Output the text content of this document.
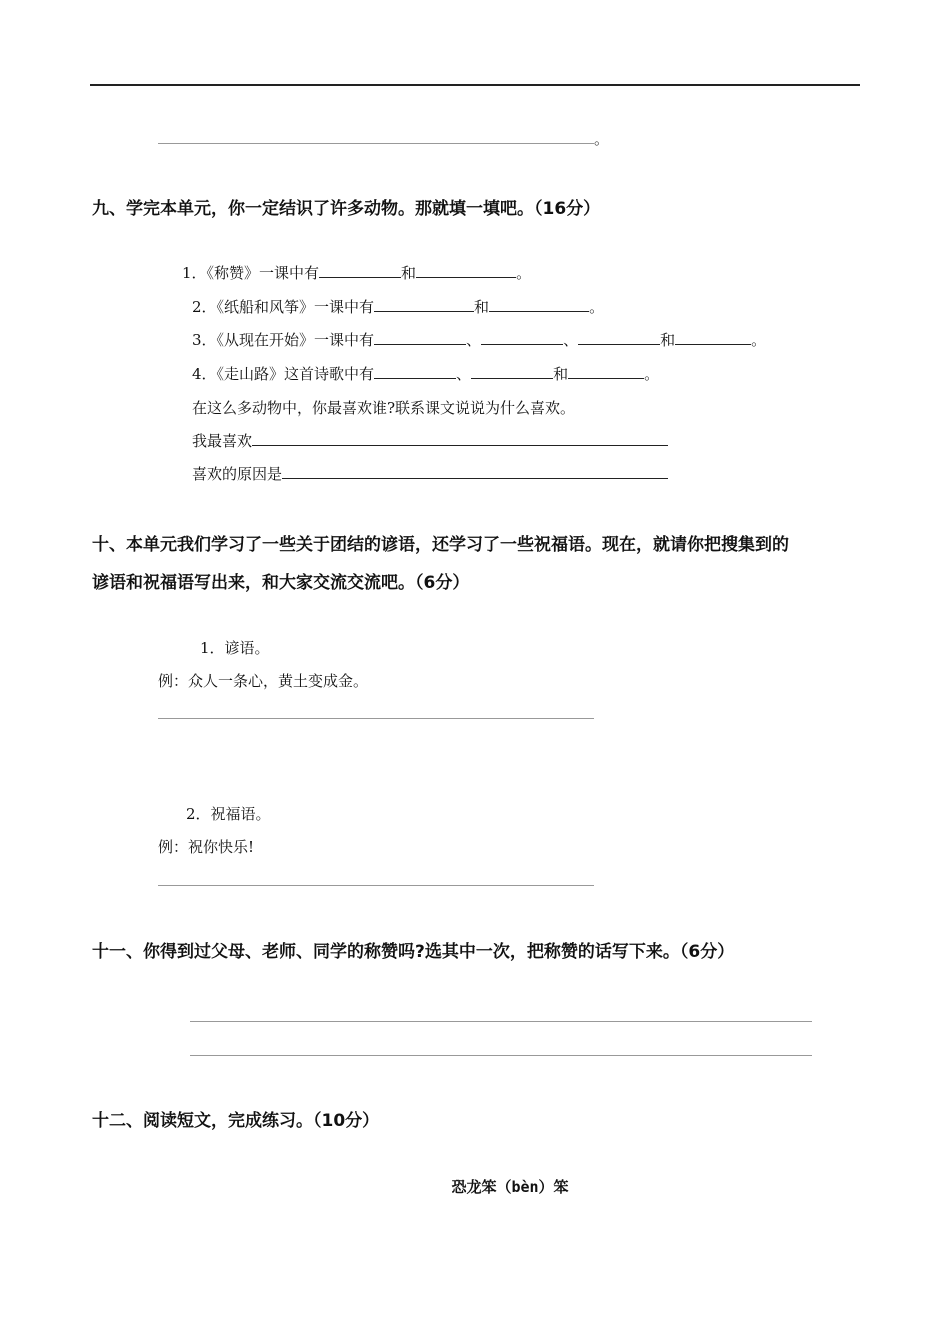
。
九、学完本单元，你一定结识了许多动物。那就填一填吧。（16分）
1．《称赞》一课中有	和	。
2．《纸船和风筝》一课中有	和	。
3．《从现在开始》一课中有	、	、	和	。
4．《走山路》这首诗歌中有	、	和	。
在这么多动物中，你最喜欢谁?联系课文说说为什么喜欢。
我最喜欢
喜欢的原因是
十、本单元我们学习了一些关于团结的谚语，还学习了一些祝福语。现在，就请你把搜集到的
谚语和祝福语写出来，和大家交流交流吧。（6分）
1．谚语。
例：众人一条心，黄土变成金。
2．祝福语。
例：祝你快乐!
十一、你得到过父母、老师、同学的称赞吗?选其中一次，把称赞的话写下来。（6分）
十二、阅读短文，完成练习。（10分）
恐龙笨（bèn）笨
